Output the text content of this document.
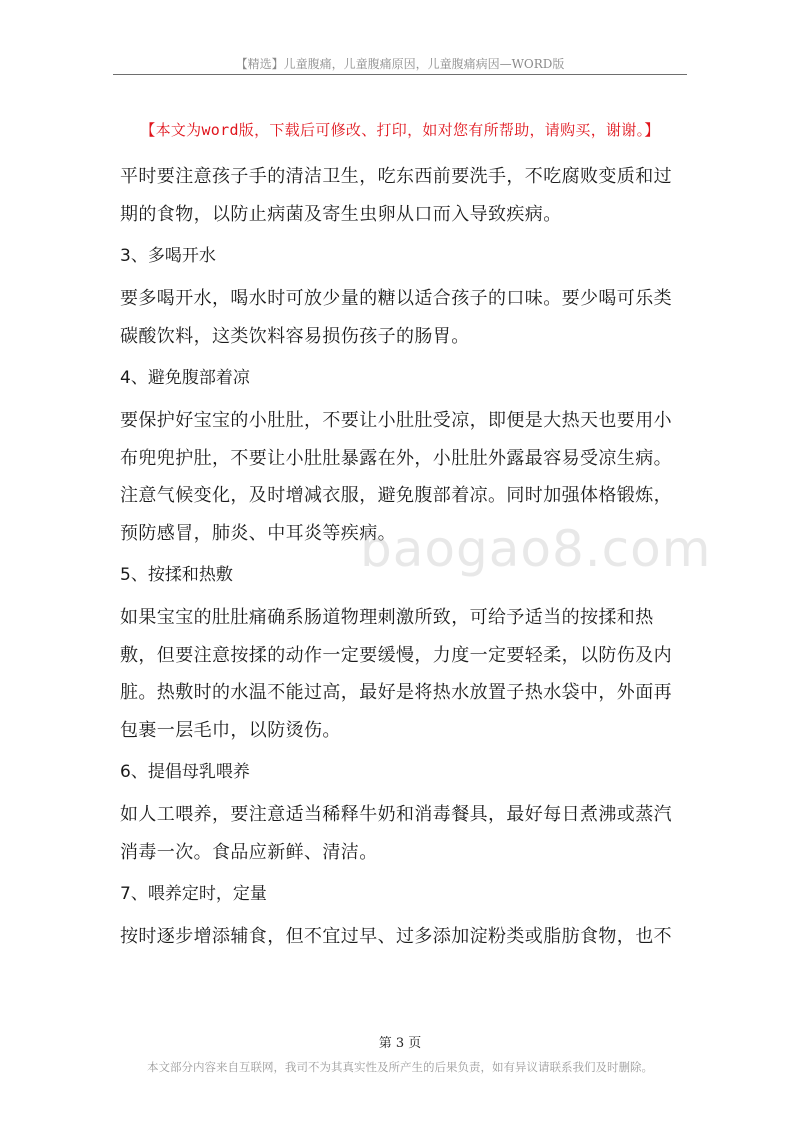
【精选】儿童腹痛，儿童腹痛原因，儿童腹痛病因—WORD版
【本文为word版，下载后可修改、打印，如对您有所帮助，请购买，谢谢。】

平时要注意孩子手的清洁卫生，吃东西前要洗手，不吃腐败变质和过期的食物，以防止病菌及寄生虫卵从口而入导致疾病。

3、多喝开水

要多喝开水，喝水时可放少量的糖以适合孩子的口味。要少喝可乐类碳酸饮料，这类饮料容易损伤孩子的肠胃。

4、避免腹部着凉

要保护好宝宝的小肚肚，不要让小肚肚受凉，即便是大热天也要用小布兜兜护肚，不要让小肚肚暴露在外，小肚肚外露最容易受凉生病。注意气候变化，及时增减衣服，避免腹部着凉。同时加强体格锻炼，预防感冒，肺炎、中耳炎等疾病。

5、按揉和热敷

如果宝宝的肚肚痛确系肠道物理刺激所致，可给予适当的按揉和热敷，但要注意按揉的动作一定要缓慢，力度一定要轻柔，以防伤及内脏。热敷时的水温不能过高，最好是将热水放置子热水袋中，外面再包裹一层毛巾，以防烫伤。

6、提倡母乳喂养

如人工喂养，要注意适当稀释牛奶和消毒餐具，最好每日煮沸或蒸汽消毒一次。食品应新鲜、清洁。

7、喂养定时，定量

按时逐步增添辅食，但不宜过早、过多添加淀粉类或脂肪食物，也不

baogao8.com
第 3 页
本文部分内容来自互联网，我司不为其真实性及所产生的后果负责，如有异议请联系我们及时删除。
